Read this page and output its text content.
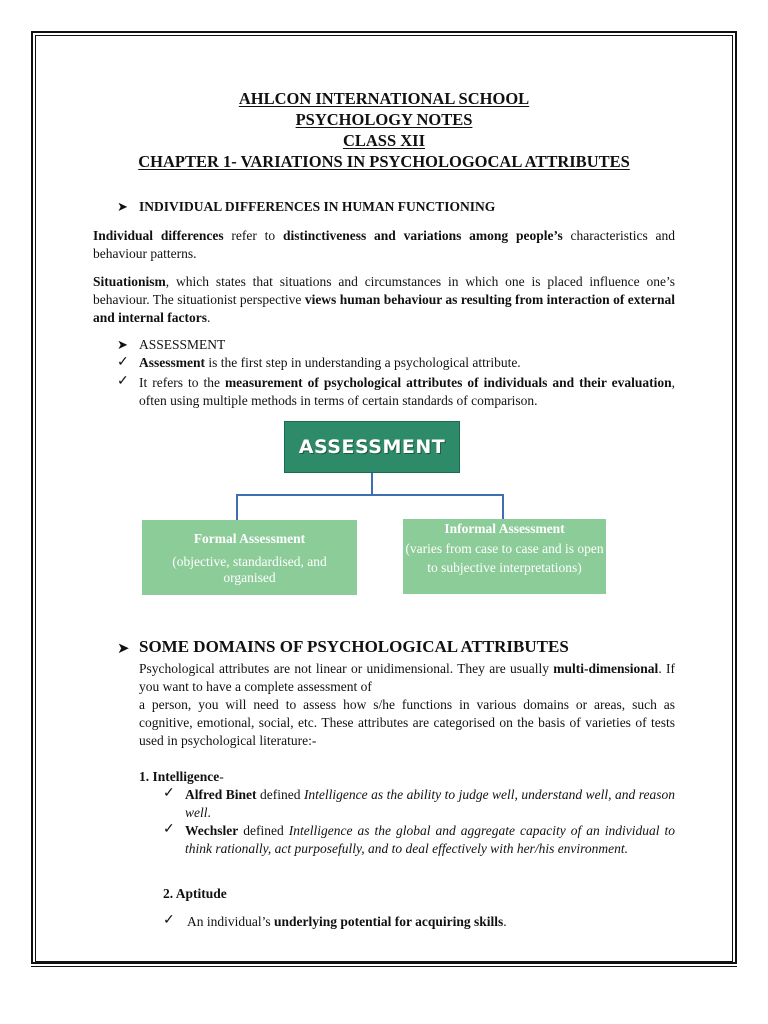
AHLCON INTERNATIONAL SCHOOL
PSYCHOLOGY NOTES
CLASS XII
CHAPTER 1- VARIATIONS IN PSYCHOLOGOCAL ATTRIBUTES
➤ INDIVIDUAL DIFFERENCES IN HUMAN FUNCTIONING
Individual differences refer to distinctiveness and variations among people’s characteristics and behaviour patterns.
Situationism, which states that situations and circumstances in which one is placed influence one’s behaviour. The situationist perspective views human behaviour as resulting from interaction of external and internal factors.
➤ ASSESSMENT
✓ Assessment is the first step in understanding a psychological attribute.
✓ It refers to the measurement of psychological attributes of individuals and their evaluation, often using multiple methods in terms of certain standards of comparison.
ASSESSMENT
Formal Assessment
(objective, standardised, and organised
Informal Assessment
(varies from case to case and is open
to subjective interpretations)
➤ SOME DOMAINS OF PSYCHOLOGICAL ATTRIBUTES
Psychological attributes are not linear or unidimensional. They are usually multi-dimensional. If you want to have a complete assessment of
a person, you will need to assess how s/he functions in various domains or areas, such as cognitive, emotional, social, etc. These attributes are categorised on the basis of varieties of tests used in psychological literature:-
1. Intelligence-
✓ Alfred Binet defined Intelligence as the ability to judge well, understand well, and reason well.
✓ Wechsler defined Intelligence as the global and aggregate capacity of an individual to think rationally, act purposefully, and to deal effectively with her/his environment.
2. Aptitude
✓ An individual’s underlying potential for acquiring skills.
